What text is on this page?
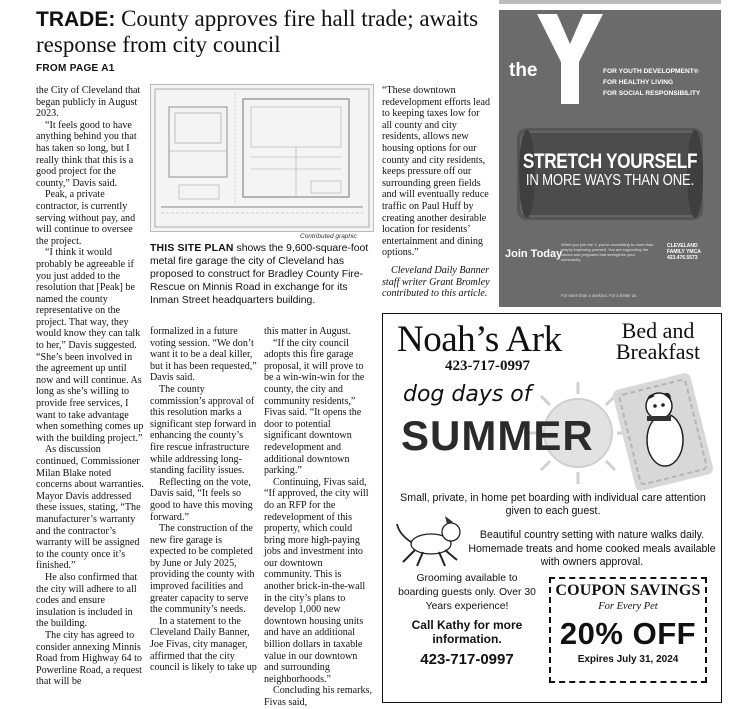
TRADE: County approves fire hall trade; awaits response from city council
FROM PAGE A1

the City of Cleveland that began publicly in August 2023.

“It feels good to have anything behind you that has taken so long, but I really think that this is a good project for the county,” Davis said.

Peak, a private contractor, is currently serving without pay, and will continue to oversee the project.

“I think it would probably be agreeable if you just added to the resolution that [Peak] be named the county representative on the project. That way, they would know they can talk to her,” Davis suggested. “She’s been involved in the agreement up until now and will continue. As long as she’s willing to provide free services, I want to take advantage when something comes up with the building project.”

As discussion continued, Commissioner Milan Blake noted concerns about warranties. Mayor Davis addressed these issues, stating, “The manufacturer’s warranty and the contractor’s warranty will be assigned to the county once it’s finished.”

He also confirmed that the city will adhere to all codes and ensure insulation is included in the building.

The city has agreed to consider annexing Minnis Road from Highway 64 to Powerline Road, a request that will be

Contributed graphic
THIS SITE PLAN shows the 9,600-square-foot metal fire garage the city of Cleveland has proposed to construct for Bradley County Fire-Rescue on Minnis Road in exchange for its Inman Street headquarters building.

formalized in a future voting session. “We don’t want it to be a deal killer, but it has been requested,” Davis said.

The county commission’s approval of this resolution marks a significant step forward in enhancing the county’s fire rescue infrastructure while addressing long-standing facility issues.

Reflecting on the vote, Davis said, “It feels so good to have this moving forward.”

The construction of the new fire garage is expected to be completed by June or July 2025, providing the county with improved facilities and greater capacity to serve the community’s needs.

In a statement to the Cleveland Daily Banner, Joe Fivas, city manager, affirmed that the city council is likely to take up

this matter in August.

“If the city council adopts this fire garage proposal, it will prove to be a win-win-win for the county, the city and community residents,” Fivas said. “It opens the door to potential significant downtown redevelopment and additional downtown parking.”

Continuing, Fivas said, “If approved, the city will do an RFP for the redevelopment of this property, which could bring more high-paying jobs and investment into our downtown community. This is another brick-in-the-wall in the city’s plans to develop 1,000 new downtown housing units and have an additional billion dollars in taxable value in our downtown and surrounding neighborhoods.”

Concluding his remarks, Fivas said,

“These downtown redevelopment efforts lead to keeping taxes low for all county and city residents, allows new housing options for our county and city residents, keeps pressure off our surrounding green fields and will eventually reduce traffic on Paul Huff by creating another desirable location for residents’ entertainment and dining options.”

Cleveland Daily Banner staff writer Grant Bromley contributed to this article.

the	FOR YOUTH DEVELOPMENT®
FOR HEALTHY LIVING
FOR SOCIAL RESPONSIBILITY
STRETCH YOURSELF
IN MORE WAYS THAN ONE.
Join Today
When you join the Y, you’re committing to more than simply improving yourself. You are supporting the values and programs that strengthen your community.
CLEVELAND
FAMILY YMCA
423.476.5573
For more than a workout. For a better us.
Noah’s Ark
423-717-0997
Bed and Breakfast
dog days of
SUMMER
Small, private, in home pet boarding with individual care attention given to each guest.
Beautiful country setting with nature walks daily. Homemade treats and home cooked meals available with owners approval.
Grooming available to boarding guests only. Over 30 Years experience!
Call Kathy for more information.
423-717-0997
COUPON SAVINGS
For Every Pet
20% OFF
Expires July 31, 2024
